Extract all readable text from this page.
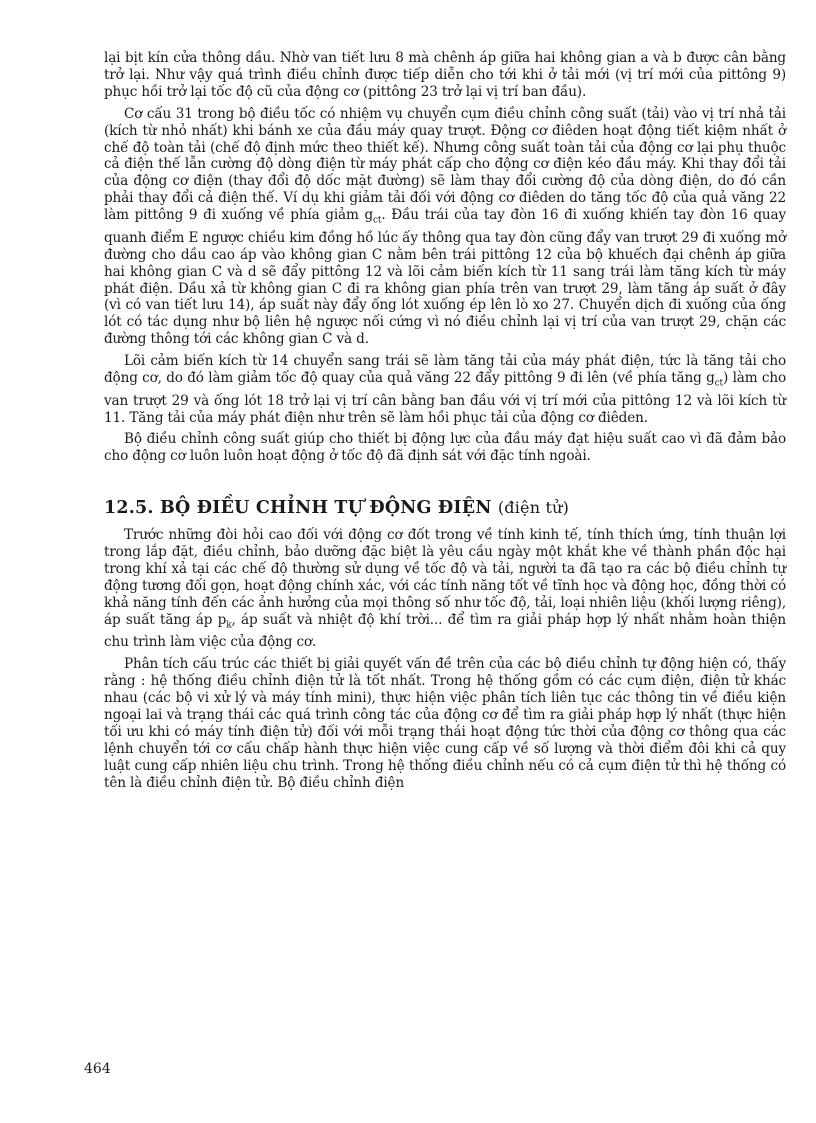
lại bịt kín cửa thông dầu. Nhờ van tiết lưu 8 mà chênh áp giữa hai không gian a và b được cân bằng trở lại. Như vậy quá trình điều chỉnh được tiếp diễn cho tới khi ở tải mới (vị trí mới của pittông 9) phục hồi trở lại tốc độ cũ của động cơ (pittông 23 trở lại vị trí ban đầu).

Cơ cấu 31 trong bộ điều tốc có nhiệm vụ chuyển cụm điều chỉnh công suất (tải) vào vị trí nhả tải (kích từ nhỏ nhất) khi bánh xe của đầu máy quay trượt. Động cơ điêden hoạt động tiết kiệm nhất ở chế độ toàn tải (chế độ định mức theo thiết kế). Nhưng công suất toàn tải của động cơ lại phụ thuộc cả điện thế lẫn cường độ dòng điện từ máy phát cấp cho động cơ điện kéo đầu máy. Khi thay đổi tải của động cơ điện (thay đổi độ dốc mặt đường) sẽ làm thay đổi cường độ của dòng điện, do đó cần phải thay đổi cả điện thế. Ví dụ khi giảm tải đối với động cơ điêden do tăng tốc độ của quả văng 22 làm pittông 9 đi xuống về phía giảm $g_{ct}$. Đầu trái của tay đòn 16 đi xuống khiến tay đòn 16 quay quanh điểm E ngược chiều kim đồng hồ lúc ấy thông qua tay đòn cũng đẩy van trượt 29 đi xuống mở đường cho dầu cao áp vào không gian C nằm bên trái pittông 12 của bộ khuếch đại chênh áp giữa hai không gian C và d sẽ đẩy pittông 12 và lõi cảm biến kích từ 11 sang trái làm tăng kích từ máy phát điện. Dầu xả từ không gian C đi ra không gian phía trên van trượt 29, làm tăng áp suất ở đây (vì có van tiết lưu 14), áp suất này đẩy ống lót xuống ép lên lò xo 27. Chuyển dịch đi xuống của ống lót có tác dụng như bộ liên hệ ngược nối cứng vì nó điều chỉnh lại vị trí của van trượt 29, chặn các đường thông tới các không gian C và d.

Lõi cảm biến kích từ 14 chuyển sang trái sẽ làm tăng tải của máy phát điện, tức là tăng tải cho động cơ, do đó làm giảm tốc độ quay của quả văng 22 đẩy pittông 9 đi lên (về phía tăng $g_{ct}$) làm cho van trượt 29 và ống lót 18 trở lại vị trí cân bằng ban đầu với vị trí mới của pittông 12 và lõi kích từ 11. Tăng tải của máy phát điện như trên sẽ làm hồi phục tải của động cơ điêden.

Bộ điều chỉnh công suất giúp cho thiết bị động lực của đầu máy đạt hiệu suất cao vì đã đảm bảo cho động cơ luôn luôn hoạt động ở tốc độ đã định sát với đặc tính ngoài.

12.5. BỘ ĐIỀU CHỈNH TỰ ĐỘNG ĐIỆN (điện tử)

Trước những đòi hỏi cao đối với động cơ đốt trong về tính kinh tế, tính thích ứng, tính thuận lợi trong lắp đặt, điều chỉnh, bảo dưỡng đặc biệt là yêu cầu ngày một khắt khe về thành phần độc hại trong khí xả tại các chế độ thường sử dụng về tốc độ và tải, người ta đã tạo ra các bộ điều chỉnh tự động tương đối gọn, hoạt động chính xác, với các tính năng tốt về tĩnh học và động học, đồng thời có khả năng tính đến các ảnh hưởng của mọi thông số như tốc độ, tải, loại nhiên liệu (khối lượng riêng), áp suất tăng áp $p_k$, áp suất và nhiệt độ khí trời... để tìm ra giải pháp hợp lý nhất nhằm hoàn thiện chu trình làm việc của động cơ.

Phân tích cấu trúc các thiết bị giải quyết vấn đề trên của các bộ điều chỉnh tự động hiện có, thấy rằng : hệ thống điều chỉnh điện tử là tốt nhất. Trong hệ thống gồm có các cụm điện, điện tử khác nhau (các bộ vi xử lý và máy tính mini), thực hiện việc phân tích liên tục các thông tin về điều kiện ngoại lai và trạng thái các quá trình công tác của động cơ để tìm ra giải pháp hợp lý nhất (thực hiện tối ưu khi có máy tính điện tử) đối với mỗi trạng thái hoạt động tức thời của động cơ thông qua các lệnh chuyển tới cơ cấu chấp hành thực hiện việc cung cấp về số lượng và thời điểm đôi khi cả quy luật cung cấp nhiên liệu chu trình. Trong hệ thống điều chỉnh nếu có cả cụm điện tử thì hệ thống có tên là điều chỉnh điện tử. Bộ điều chỉnh điện

464
